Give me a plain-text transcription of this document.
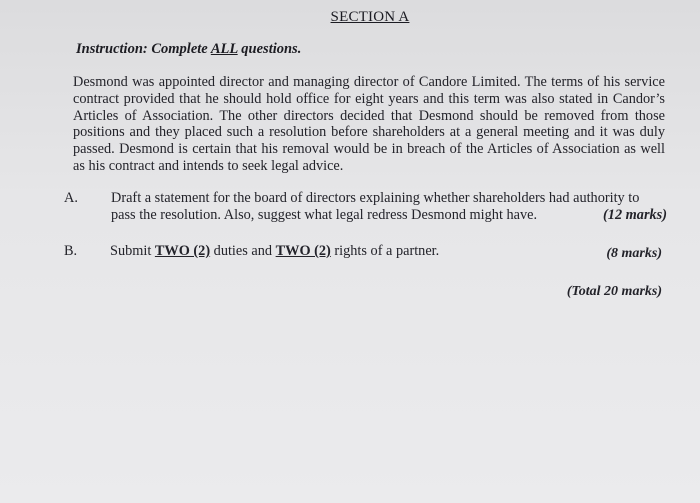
SECTION A
Instruction: Complete ALL questions.
Desmond was appointed director and managing director of Candore Limited. The terms of his service contract provided that he should hold office for eight years and this term was also stated in Candor’s Articles of Association. The other directors decided that Desmond should be removed from those positions and they placed such a resolution before shareholders at a general meeting and it was duly passed. Desmond is certain that his removal would be in breach of the Articles of Association as well as his contract and intends to seek legal advice.
A. Draft a statement for the board of directors explaining whether shareholders had authority to pass the resolution. Also, suggest what legal redress Desmond might have.	(12 marks)
B. Submit TWO (2) duties and TWO (2) rights of a partner.	(8 marks)
(Total 20 marks)
